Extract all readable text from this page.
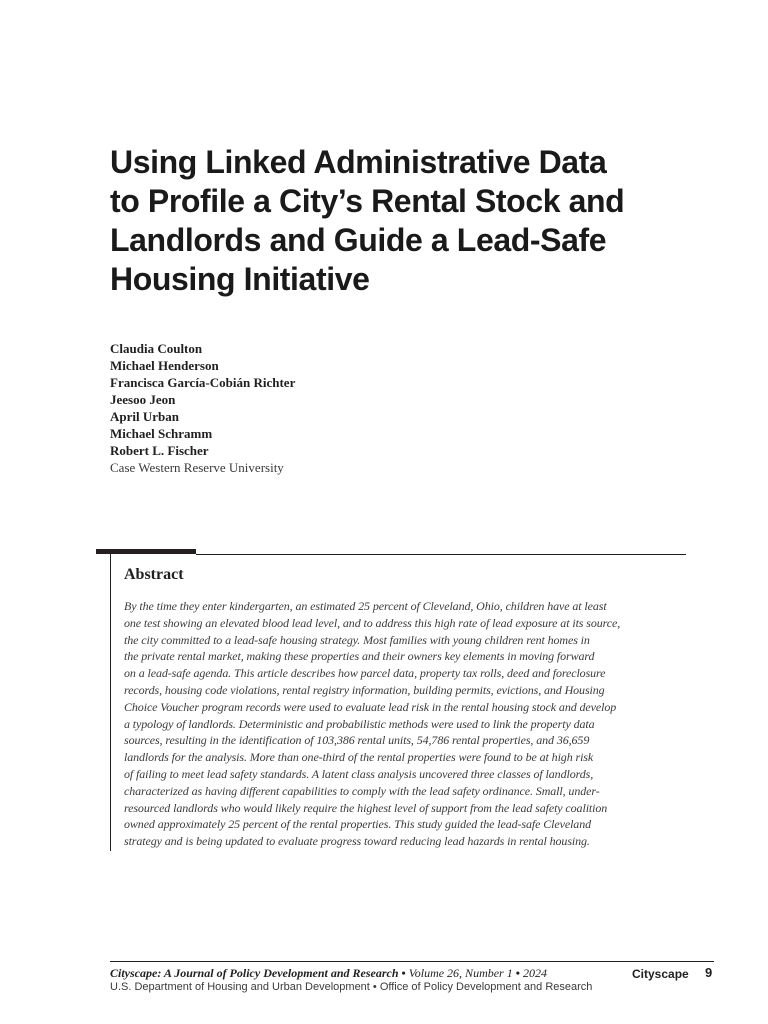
Using Linked Administrative Data
to Profile a City’s Rental Stock and
Landlords and Guide a Lead-Safe
Housing Initiative
Claudia Coulton
Michael Henderson
Francisca García-Cobián Richter
Jeesoo Jeon
April Urban
Michael Schramm
Robert L. Fischer
Case Western Reserve University
Abstract

By the time they enter kindergarten, an estimated 25 percent of Cleveland, Ohio, children have at least
one test showing an elevated blood lead level, and to address this high rate of lead exposure at its source,
the city committed to a lead-safe housing strategy. Most families with young children rent homes in
the private rental market, making these properties and their owners key elements in moving forward
on a lead-safe agenda. This article describes how parcel data, property tax rolls, deed and foreclosure
records, housing code violations, rental registry information, building permits, evictions, and Housing
Choice Voucher program records were used to evaluate lead risk in the rental housing stock and develop
a typology of landlords. Deterministic and probabilistic methods were used to link the property data
sources, resulting in the identification of 103,386 rental units, 54,786 rental properties, and 36,659
landlords for the analysis. More than one-third of the rental properties were found to be at high risk
of failing to meet lead safety standards. A latent class analysis uncovered three classes of landlords,
characterized as having different capabilities to comply with the lead safety ordinance. Small, under-
resourced landlords who would likely require the highest level of support from the lead safety coalition
owned approximately 25 percent of the rental properties. This study guided the lead-safe Cleveland
strategy and is being updated to evaluate progress toward reducing lead hazards in rental housing.

Cityscape: A Journal of Policy Development and Research • Volume 26, Number 1 • 2024	Cityscape 9
U.S. Department of Housing and Urban Development • Office of Policy Development and Research
